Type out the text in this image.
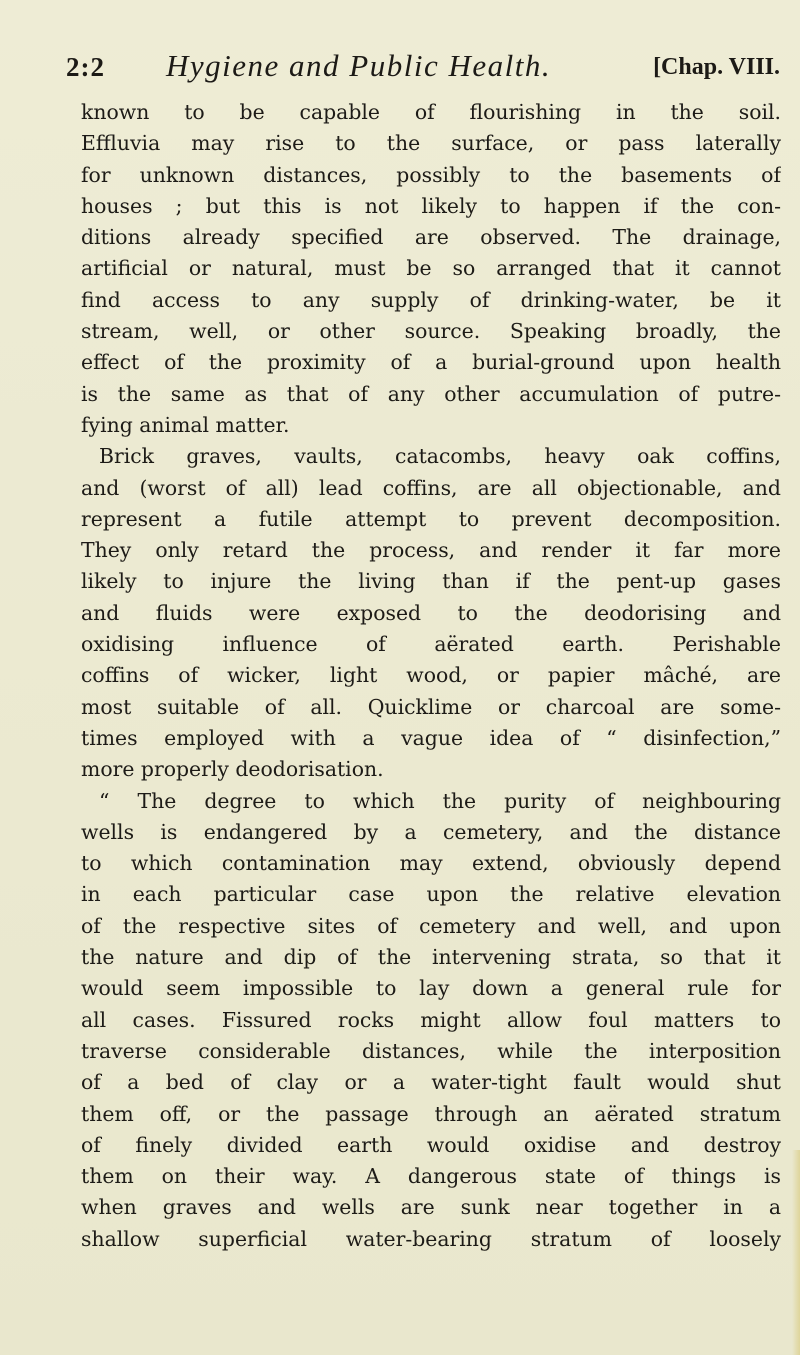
2:2 Hygiene and Public Health.	[Chap. VIII.
known to be capable of flourishing in the soil.
Effluvia may rise to the surface, or pass laterally
for unknown distances, possibly to the basements of
houses ; but this is not likely to happen if the con-
ditions already specified are observed. The drainage,
artificial or natural, must be so arranged that it cannot
find access to any supply of drinking-water, be it
stream, well, or other source. Speaking broadly, the
effect of the proximity of a burial-ground upon health
is the same as that of any other accumulation of putre-
fying animal matter.
Brick graves, vaults, catacombs, heavy oak coffins,
and (worst of all) lead coffins, are all objectionable, and
represent a futile attempt to prevent decomposition.
They only retard the process, and render it far more
likely to injure the living than if the pent-up gases
and fluids were exposed to the deodorising and
oxidising influence of aërated earth. Perishable
coffins of wicker, light wood, or papier mâché, are
most suitable of all. Quicklime or charcoal are some-
times employed with a vague idea of “ disinfection,”
more properly deodorisation.
“ The degree to which the purity of neighbouring
wells is endangered by a cemetery, and the distance
to which contamination may extend, obviously depend
in each particular case upon the relative elevation
of the respective sites of cemetery and well, and upon
the nature and dip of the intervening strata, so that it
would seem impossible to lay down a general rule for
all cases. Fissured rocks might allow foul matters to
traverse considerable distances, while the interposition
of a bed of clay or a water-tight fault would shut
them off, or the passage through an aërated stratum
of finely divided earth would oxidise and destroy
them on their way. A dangerous state of things is
when graves and wells are sunk near together in a
shallow superficial water-bearing stratum of loosely
